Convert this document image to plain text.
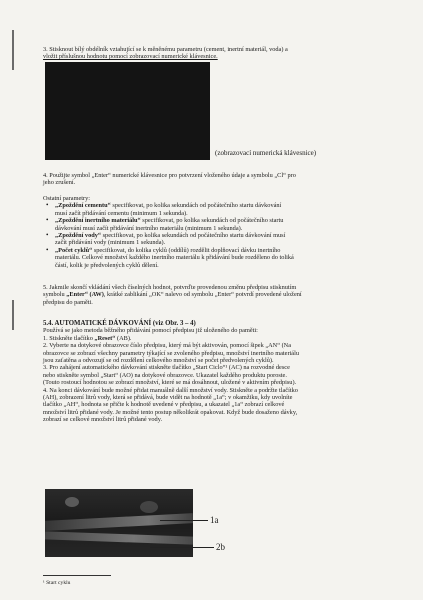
3. Stisknout bílý obdélník vztahující se k měněnému parametru (cement, inertní materiál, voda) a
vložit příslušnou hodnotu pomocí zobrazovací numerické klávesnice.
(zobrazovací numerická klávesnice)
4. Použijte symbol „Enter“ numerické klávesnice pro potvrzení vloženého údaje a symbolu „Cl“ pro
jeho zrušení.
Ostatní parametry:
• „Zpoždění cementu“ specifikovat, po kolika sekundách od počátečního startu dávkování
musí začít přidávání cementu (minimum 1 sekunda).
• „Zpoždění inertního materiálu“ specifikovat, po kolika sekundách od počátečního startu
dávkování musí začít přidávání inertního materiálu (minimum 1 sekunda).
• „Zpoždění vody“ specifikovat, po kolika sekundách od počátečního startu dávkování musí
začít přidávání vody (minimum 1 sekunda).
• „Počet cyklů“ specifikovat, do kolika cyklů (oddílů) rozdělit doplňovací dávku inertního
materiálu. Celkové množství každého inertního materiálu k přidávání bude rozděleno do toliká
částí, kolik je předvolených cyklů dělení.
5. Jakmile skončí vkládání všech číselných hodnot, potvrďte provedenou změnu předpisu stisknutím
symbolu „Enter“ (AW), krátké zablikání „OK“ nalevo od symbolu „Enter“ potvrdí provedené uložení
předpisu do paměti.
5.4. AUTOMATICKÉ DÁVKOVÁNÍ (viz Obr. 3 – 4)
Používá se jako metoda běžného přidávání pomocí předpisu již uloženého do paměti:
1. Stiskněte tlačítko „Reset“ (AB).
2. Vyberte na dotykové obrazovce číslo předpisu, který má být aktivován, pomocí šipek „AN“ (Na
obrazovce se zobrazí všechny parametry týkající se zvoleného předpisu, množství inertního materiálu
jsou zaťatěna a odvozují se od rozdělení celkového množství se počet předvolených cyklů).
3. Pro zahájení automatického dávkování stiskněte tlačítko „Start Ciclo“¹ (AC) na rozvodné desce
nebo stiskněte symbol „Start“ (AO) na dotykové obrazovce. Ukazatel každého produktu poroste.
(Touto rostoucí hodnotou se zobrazí množství, které se má dosáhnout, uložené v aktivním předpisu).
4. Na konci dávkování bude možné přidat manuálně další množství vody. Stiskněte a podržte tlačítko
(AH), zobrazení litrů vody, která se přidává, bude vidět na hodnotě „1a“; v okamžiku, kdy uvolníte
tlačítko „AH“, hodnota se přičte k hodnotě uvedené v předpisu, a ukazatel „1a“ zobrazí celkové
množství litrů přidané vody. Je možné tento postup několikrát opakovat. Když bude dosaženo dávky,
zobrazí se celkové množství litrů přidané vody.
1a
2b
¹ Start cyklu
